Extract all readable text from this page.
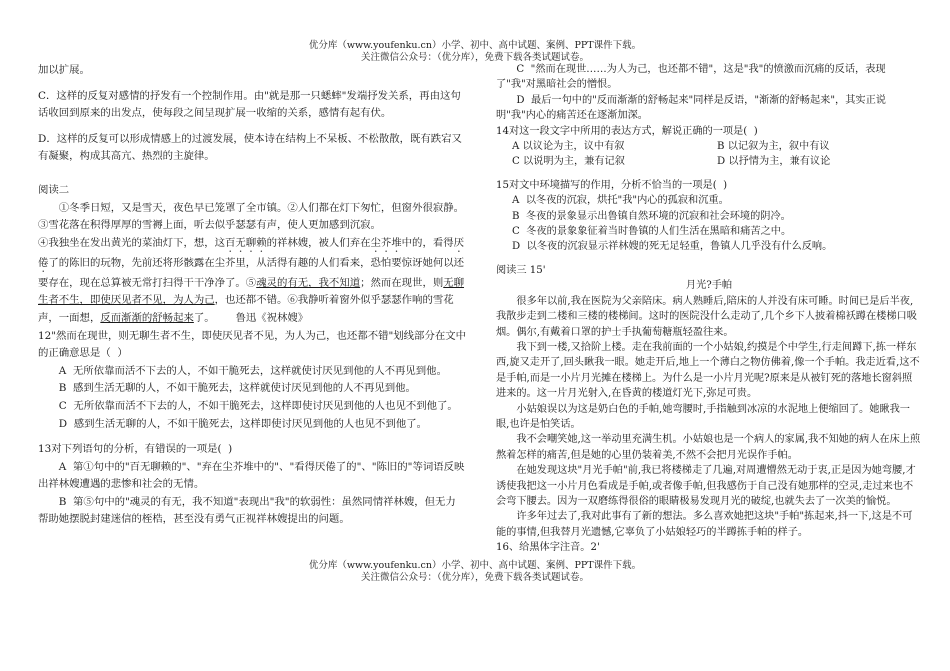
优分库（www.youfenku.cn）小学、初中、高中试题、案例、PPT课件下载。
关注微信公众号：（优分库），免费下载各类试题试卷。

加以扩展。

C．这样的反复对感情的抒发有一个控制作用。由"就是那一只蟋蟀"发端抒发关系，再由这句话收回到原来的出发点，使每段之间呈现扩展一收缩的关系，感情有起有伏。

D．这样的反复可以形成情感上的过渡发展，使本诗在结构上不呆板、不松散散，既有跌宕又有凝聚，构成其高亢、热烈的主旋律。

阅读二

①冬季日短，又是雪天，夜色早已笼罩了全市镇。②人们都在灯下匆忙，但窗外很寂静。③雪花落在积得厚厚的雪褥上面，听去似乎瑟瑟有声，使人更加感到沉寂。

④我独坐在发出黄光的菜油灯下，想，这百无聊赖的祥林嫂，被人们弃在尘芥堆中的，看得厌倦了的陈旧的玩物，先前还将形骸露在尘芥里，从活得有趣的人们看来，恐怕要惊讶她何以还要存在，现在总算被无常打扫得干干净净了。⑤魂灵的有无，我不知道；然而在现世，则无聊生者不生，即使厌见者不见，为人为己，也还都不错。⑥我静听着窗外似乎瑟瑟作响的雪花声，一面想，反而渐渐的舒畅起来了。 鲁迅《祝林嫂》

12"然而在现世，则无聊生者不生，即使厌见者不见，为人为己，也还都不错"划线部分在文中的正确意思是（  ）

A  无所依靠而活不下去的人，不如干脆死去，这样就使讨厌见到他的人不再见到他。

B  感到生活无聊的人，不如干脆死去，这样就使讨厌见到他的人不再见到他。

C  无所依靠而活不下去的人，不如干脆死去，这样即使讨厌见到他的人也见不到他了。

D  感到生活无聊的人，不如干脆死去，这样即使讨厌见到他的人也见不到他了。

13对下列语句的分析，有错误的一项是(  )

A  第①句中的"百无聊赖的"、"弃在尘芥堆中的"、"看得厌倦了的"、"陈旧的"等词语反映出祥林嫂遭遇的悲惨和社会的无情。

B  第⑤句中的"魂灵的有无，我不知道"表现出"我"的软弱性：虽然同情祥林嫂，但无力帮助她摆脱封建迷信的桎梏，甚至没有勇气正视祥林嫂提出的问题。

C  "然而在现世……为人为己，也还都不错"，这是"我"的愤激而沉痛的反话，表现了"我"对黑暗社会的憎恨。

D  最后一句中的"反而渐渐的舒畅起来"同样是反语，"渐渐的舒畅起来"，其实正说明"我"内心的痛苦还在逐渐加深。

14对这一段文字中所用的表达方式，解说正确的一项是(  )

A 以议论为主，议中有叙	B 以记叙为主，叙中有议
C 以说明为主，兼有记叙	D 以抒情为主，兼有议论

15对文中环境描写的作用，分析不恰当的一项是(  )

A  以冬夜的沉寂，烘托"我"内心的孤寂和沉重。

B  冬夜的景象显示出鲁镇自然环境的沉寂和社会环境的阴冷。

C  冬夜的景象象征着当时鲁镇的人们生活在黑暗和痛苦之中。

D  以冬夜的沉寂显示祥林嫂的死无足轻重，鲁镇人几乎没有什么反响。

阅读三 15'

月光?手帕

很多年以前,我在医院为父亲陪床。病人熟睡后,陪床的人并没有床可睡。时间已是后半夜,我散步走到二楼和三楼的楼梯间。这时的医院没什么走动了,几个乡下人披着棉袄蹲在楼梯口吸烟。偶尔,有戴着口罩的护士手执葡萄糖瓶轻盈往来。

我下到一楼,又拾阶上楼。走在我前面的一个小姑娘,约摸是个中学生,行走间蹲下,拣一样东西,旋又走开了,回头瞅我一眼。她走开后,地上一个薄白之物仿佛着,像一个手帕。我走近看,这不是手帕,而是一小片月光摊在楼梯上。为什么是一小片月光呢?原来是从被钉死的落地长窗斜照进来的。这一片月光射入,在昏黄的楼道灯光下,弥足可贵。

小姑娘误以为这是奶白色的手帕,她弯腰时,手指触到冰凉的水泥地上便缩回了。她瞅我一眼,也许是怕笑话。

我不会嘲笑她,这一举动里充满生机。小姑娘也是一个病人的家属,我不知她的病人在床上煎熬着怎样的痛苦,但是她的心里仍装着美,不然不会把月光误作手帕。

在她发现这块"月光手帕"前,我已将楼梯走了几遍,对周遭懵然无动于衷,正是因为她弯腰,才诱使我把这一小片月色看成是手帕,或者像手帕,但我感伤于自己没有她那样的空灵,走过来也不会弯下腰去。因为一双磨练得很俗的眼睛极易发现月光的破绽,也就失去了一次美的愉悦。

许多年过去了,我对此事有了新的想法。多么喜欢她把这块"手帕"拣起来,抖一下,这是不可能的事情,但我替月光遗憾,它辜负了小姑娘轻巧的半蹲拣手帕的样子。

16、给黑体字注音。2'

优分库（www.youfenku.cn）小学、初中、高中试题、案例、PPT课件下载。
关注微信公众号：（优分库），免费下载各类试题试卷。
